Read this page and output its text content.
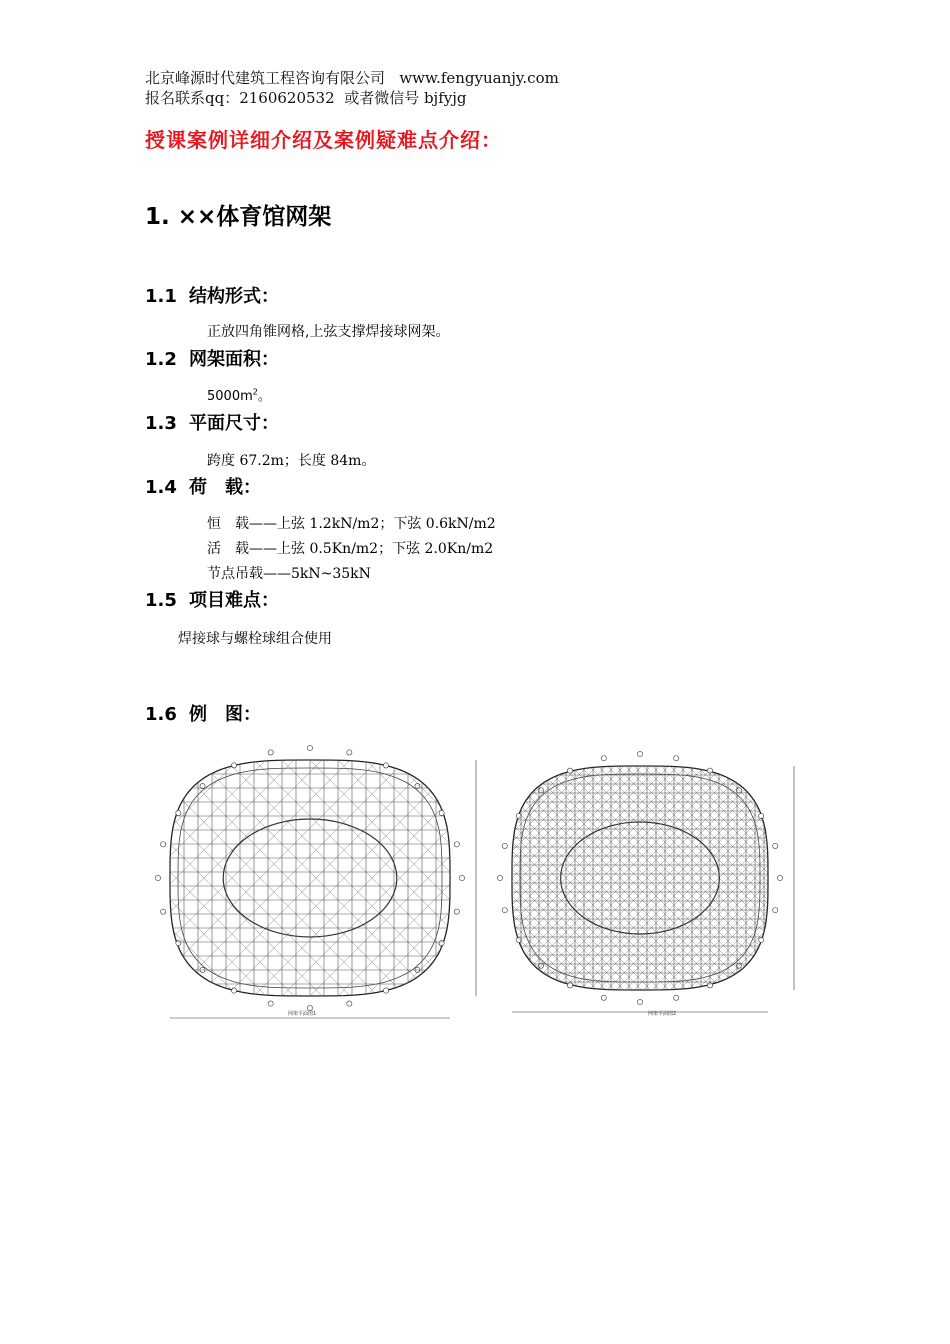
北京峰源时代建筑工程咨询有限公司 www.fengyuanjy.com
报名联系qq：2160620532 或者微信号 bjfyjg
授课案例详细介绍及案例疑难点介绍：
1. ××体育馆网架
1.1 结构形式：
正放四角锥网格,上弦支撑焊接球网架。
1.2 网架面积：
$5000m^2$。
1.3 平面尺寸：
跨度 67.2m；长度 84m。
1.4 荷　载：
恒　载——上弦 1.2kN/m2；下弦 0.6kN/m2
活　载——上弦 0.5Kn/m2；下弦 2.0Kn/m2
节点吊载——5kN~35kN
1.5 项目难点：
焊接球与螺栓球组合使用
1.6 例　图：
网架平面图1	网架平面图2
